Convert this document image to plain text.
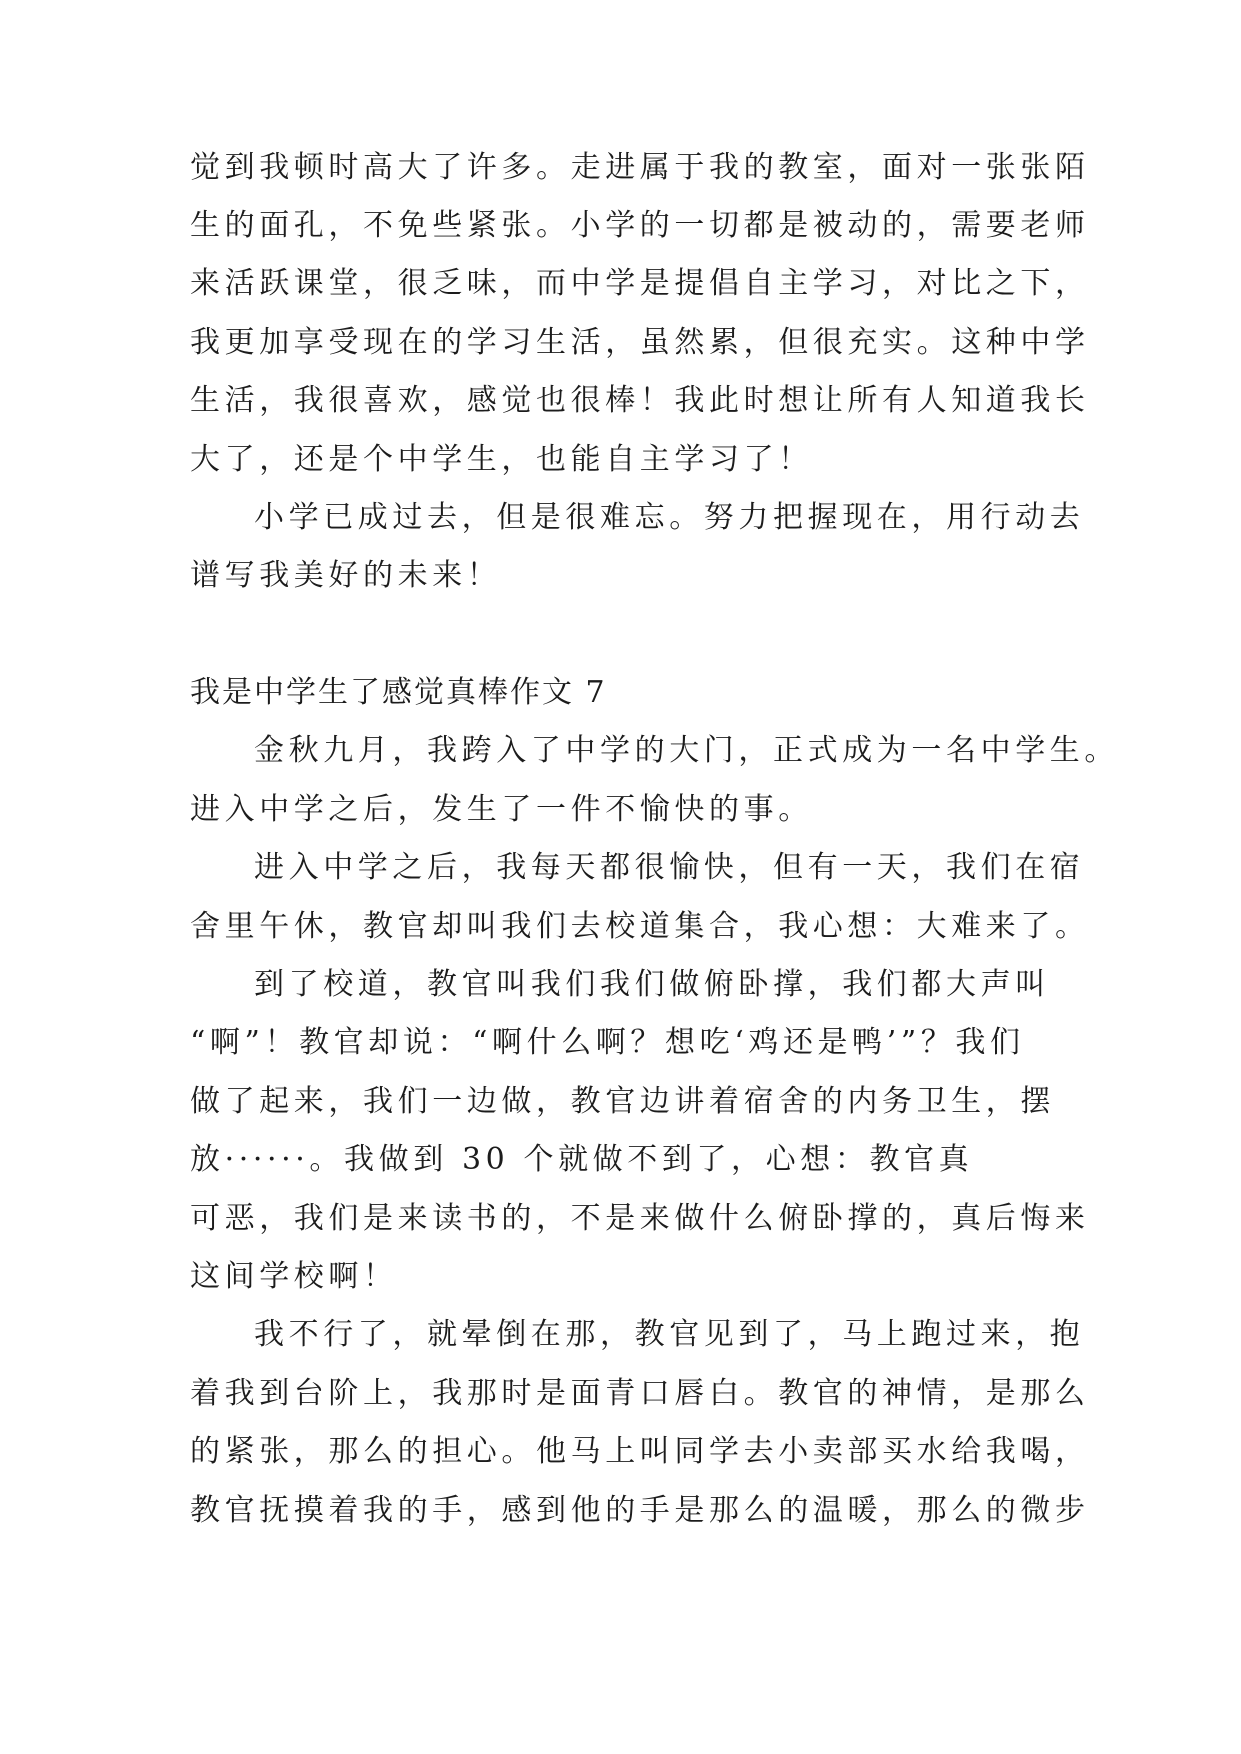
觉到我顿时高大了许多。走进属于我的教室，面对一张张陌
生的面孔，不免些紧张。小学的一切都是被动的，需要老师
来活跃课堂，很乏味，而中学是提倡自主学习，对比之下，
我更加享受现在的学习生活，虽然累，但很充实。这种中学
生活，我很喜欢，感觉也很棒！我此时想让所有人知道我长
大了，还是个中学生，也能自主学习了！
小学已成过去，但是很难忘。努力把握现在，用行动去
谱写我美好的未来！
我是中学生了感觉真棒作文 7
金秋九月，我跨入了中学的大门，正式成为一名中学生。
进入中学之后，发生了一件不愉快的事。
进入中学之后，我每天都很愉快，但有一天，我们在宿
舍里午休，教官却叫我们去校道集合，我心想：大难来了。
到了校道，教官叫我们我们做俯卧撑，我们都大声叫
“啊”！教官却说：“啊什么啊？想吃‘鸡还是鸭’”？我们
做了起来，我们一边做，教官边讲着宿舍的内务卫生，摆
放······。我做到 30 个就做不到了，心想：教官真
可恶，我们是来读书的，不是来做什么俯卧撑的，真后悔来
这间学校啊！
我不行了，就晕倒在那，教官见到了，马上跑过来，抱
着我到台阶上，我那时是面青口唇白。教官的神情，是那么
的紧张，那么的担心。他马上叫同学去小卖部买水给我喝，
教官抚摸着我的手，感到他的手是那么的温暖，那么的微步
